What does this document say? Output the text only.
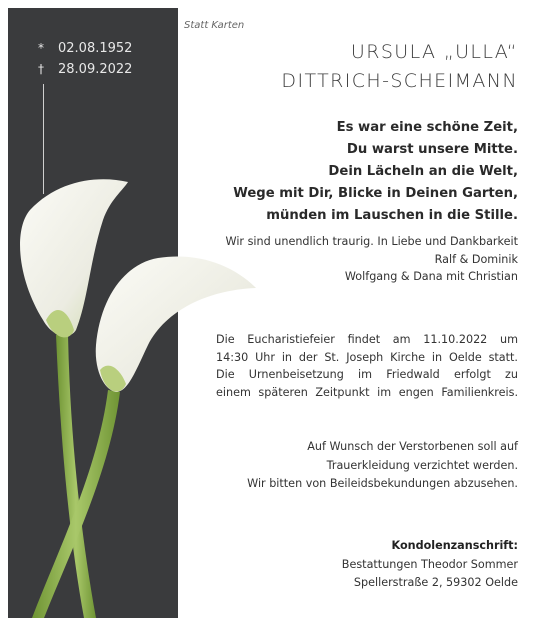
*	02.08.1952
†	28.09.2022
Statt Karten
URSULA „ULLA“
DITTRICH-SCHEIMANN
Es war eine schöne Zeit,
Du warst unsere Mitte.
Dein Lächeln an die Welt,
Wege mit Dir, Blicke in Deinen Garten,
münden im Lauschen in die Stille.
Wir sind unendlich traurig. In Liebe und Dankbarkeit
Ralf & Dominik
Wolfgang & Dana mit Christian
Die Eucharistiefeier findet am 11.10.2022 um
14:30 Uhr in der St. Joseph Kirche in Oelde statt.
Die Urnenbeisetzung im Friedwald erfolgt zu
einem späteren Zeitpunkt im engen Familienkreis.
Auf Wunsch der Verstorbenen soll auf
Trauerkleidung verzichtet werden.
Wir bitten von Beileidsbekundungen abzusehen.
Kondolenzanschrift:
Bestattungen Theodor Sommer
Spellerstraße 2, 59302 Oelde
